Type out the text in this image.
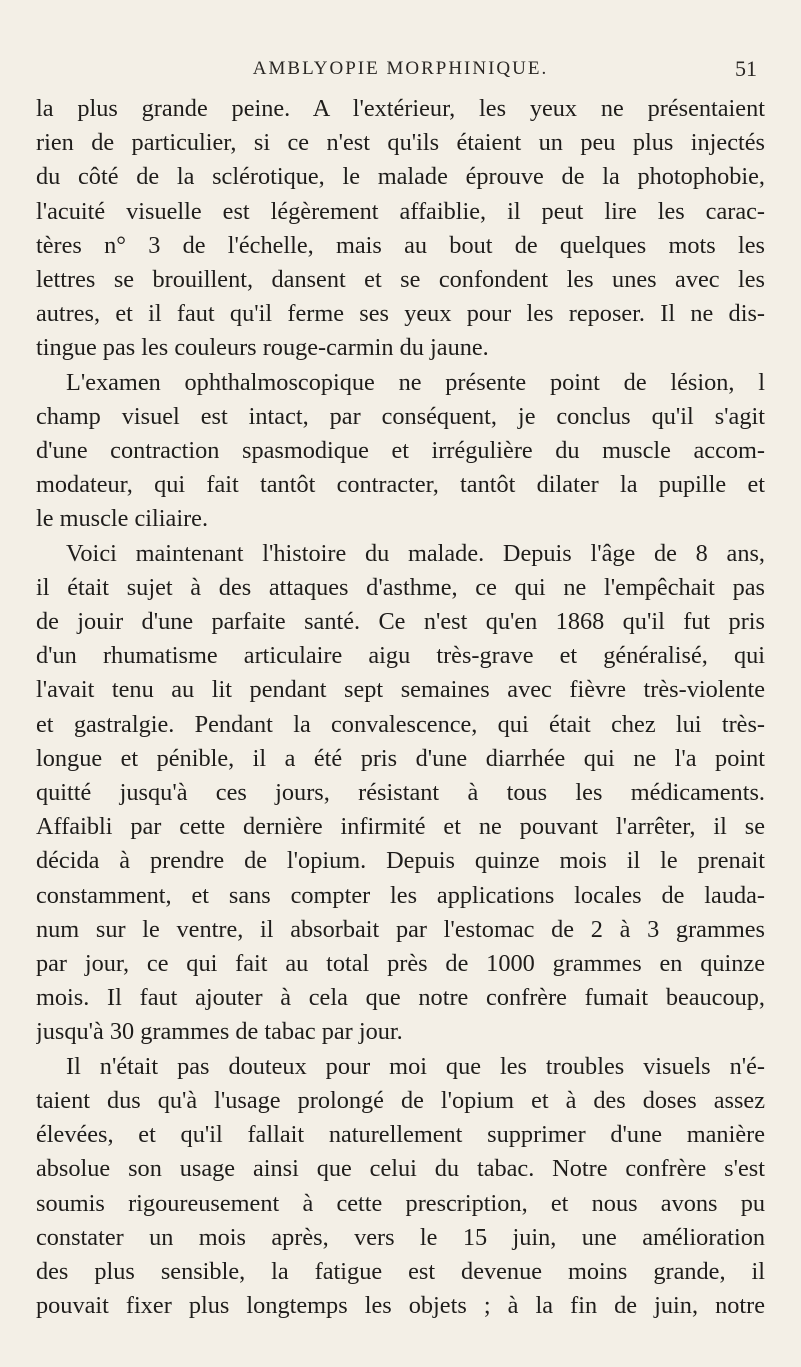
AMBLYOPIE MORPHINIQUE.	51

la plus grande peine. A l'extérieur, les yeux ne présentaient
rien de particulier, si ce n'est qu'ils étaient un peu plus injectés
du côté de la sclérotique, le malade éprouve de la photophobie,
l'acuité visuelle est légèrement affaiblie, il peut lire les carac-
tères n° 3 de l'échelle, mais au bout de quelques mots les
lettres se brouillent, dansent et se confondent les unes avec les
autres, et il faut qu'il ferme ses yeux pour les reposer. Il ne dis-
tingue pas les couleurs rouge-carmin du jaune.

L'examen ophthalmoscopique ne présente point de lésion, l
champ visuel est intact, par conséquent, je conclus qu'il s'agit
d'une contraction spasmodique et irrégulière du muscle accom-
modateur, qui fait tantôt contracter, tantôt dilater la pupille et
le muscle ciliaire.

Voici maintenant l'histoire du malade. Depuis l'âge de 8 ans,
il était sujet à des attaques d'asthme, ce qui ne l'empêchait pas
de jouir d'une parfaite santé. Ce n'est qu'en 1868 qu'il fut pris
d'un rhumatisme articulaire aigu très-grave et généralisé, qui
l'avait tenu au lit pendant sept semaines avec fièvre très-violente
et gastralgie. Pendant la convalescence, qui était chez lui très-
longue et pénible, il a été pris d'une diarrhée qui ne l'a point
quitté jusqu'à ces jours, résistant à tous les médicaments.
Affaibli par cette dernière infirmité et ne pouvant l'arrêter, il se
décida à prendre de l'opium. Depuis quinze mois il le prenait
constamment, et sans compter les applications locales de lauda-
num sur le ventre, il absorbait par l'estomac de 2 à 3 grammes
par jour, ce qui fait au total près de 1000 grammes en quinze
mois. Il faut ajouter à cela que notre confrère fumait beaucoup,
jusqu'à 30 grammes de tabac par jour.

Il n'était pas douteux pour moi que les troubles visuels n'é-
taient dus qu'à l'usage prolongé de l'opium et à des doses assez
élevées, et qu'il fallait naturellement supprimer d'une manière
absolue son usage ainsi que celui du tabac. Notre confrère s'est
soumis rigoureusement à cette prescription, et nous avons pu
constater un mois après, vers le 15 juin, une amélioration
des plus sensible, la fatigue est devenue moins grande, il
pouvait fixer plus longtemps les objets ; à la fin de juin, notre
